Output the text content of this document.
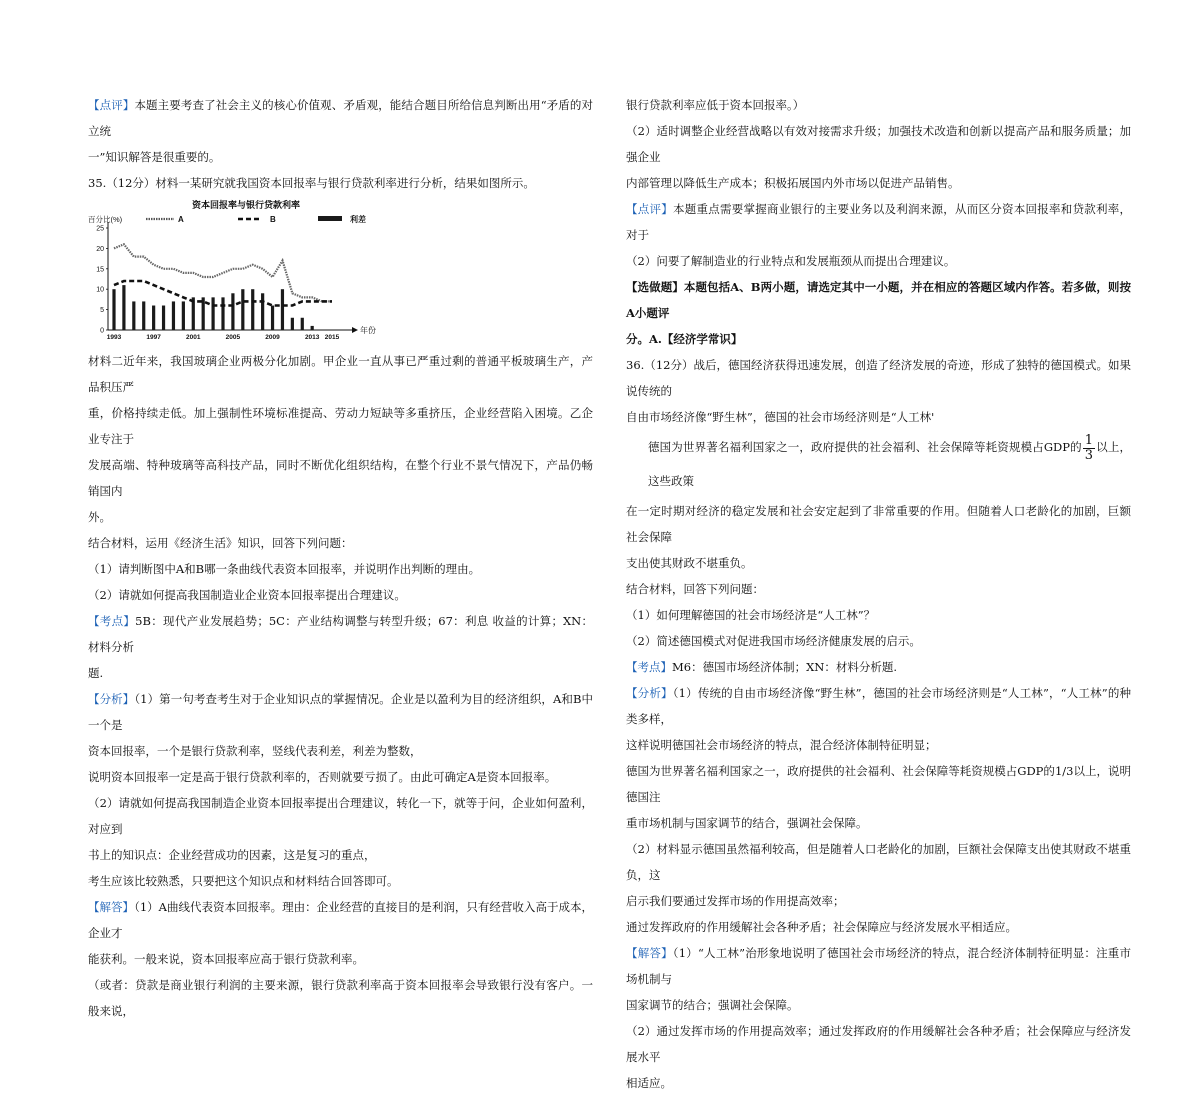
【点评】本题主要考查了社会主义的核心价值观、矛盾观，能结合题目所给信息判断出用“矛盾的对立统

一”知识解答是很重要的。

35.（12分）材料一某研究就我国资本回报率与银行贷款利率进行分析，结果如图所示。

资本回报率与银行贷款利率
百分比(%)
年份
0
5
10
15
20
25
1993	1997	2001	2005	2009	2013 2015
A	B	利差

材料二近年来，我国玻璃企业两极分化加剧。甲企业一直从事已严重过剩的普通平板玻璃生产，产品积压严

重，价格持续走低。加上强制性环境标准提高、劳动力短缺等多重挤压，企业经营陷入困境。乙企业专注于

发展高端、特种玻璃等高科技产品，同时不断优化组织结构，在整个行业不景气情况下，产品仍畅销国内

外。

结合材料，运用《经济生活》知识，回答下列问题：

（1）请判断图中A和B哪一条曲线代表资本回报率，并说明作出判断的理由。

（2）请就如何提高我国制造业企业资本回报率提出合理建议。

【考点】5B：现代产业发展趋势；5C：产业结构调整与转型升级；67：利息 收益的计算；XN：材料分析

题.

【分析】（1）第一句考查考生对于企业知识点的掌握情况。企业是以盈利为目的经济组织，A和B中一个是

资本回报率，一个是银行贷款利率，竖线代表利差，利差为整数，

说明资本回报率一定是高于银行贷款利率的，否则就要亏损了。由此可确定A是资本回报率。

（2）请就如何提高我国制造企业资本回报率提出合理建议，转化一下，就等于问，企业如何盈利，对应到

书上的知识点：企业经营成功的因素，这是复习的重点，

考生应该比较熟悉，只要把这个知识点和材料结合回答即可。

【解答】（1）A曲线代表资本回报率。理由：企业经营的直接目的是利润，只有经营收入高于成本，企业才

能获利。一般来说，资本回报率应高于银行贷款利率。

（或者：贷款是商业银行利润的主要来源，银行贷款利率高于资本回报率会导致银行没有客户。一般来说，

银行贷款利率应低于资本回报率。）

（2）适时调整企业经营战略以有效对接需求升级；加强技术改造和创新以提高产品和服务质量；加强企业

内部管理以降低生产成本；积极拓展国内外市场以促进产品销售。

【点评】本题重点需要掌握商业银行的主要业务以及利润来源，从而区分资本回报率和贷款利率，对于

（2）问要了解制造业的行业特点和发展瓶颈从而提出合理建议。

【选做题】本题包括A、B两小题，请选定其中一小题，并在相应的答题区域内作答。若多做，则按A小题评

分。A.【经济学常识】

36.（12分）战后，德国经济获得迅速发展，创造了经济发展的奇迹，形成了独特的德国模式。如果 说传统的

自由市场经济像“野生林”，德国的社会市场经济则是“人工林'

德国为世界著名福利国家之一，政府提供的社会福利、社会保障等耗资规模占GDP的 $\frac{1}{3}$ 以上，这些政策

在一定时期对经济的稳定发展和社会安定起到了非常重要的作用。但随着人口老龄化的加剧，巨额社会保障

支出使其财政不堪重负。

结合材料，回答下列问题：

（1）如何理解德国的社会市场经济是“人工林”？

（2）简述德国模式对促进我国市场经济健康发展的启示。

【考点】M6：德国市场经济体制；XN：材料分析题.

【分析】（1）传统的自由市场经济像“野生林”，德国的社会市场经济则是“人工林”，“人工林”的种类多样，

这样说明德国社会市场经济的特点，混合经济体制特征明显；

德国为世界著名福利国家之一，政府提供的社会福利、社会保障等耗资规模占GDP的1/3以上，说明德国注

重市场机制与国家调节的结合，强调社会保障。

（2）材料显示德国虽然福利较高，但是随着人口老龄化的加剧，巨额社会保障支出使其财政不堪重负，这

启示我们要通过发挥市场的作用提高效率；

通过发挥政府的作用缓解社会各种矛盾；社会保障应与经济发展水平相适应。

【解答】（1）“人工林”治形象地说明了德国社会市场经济的特点，混合经济体制特征明显：注重市场机制与

国家调节的结合；强调社会保障。

（2）通过发挥市场的作用提高效率；通过发挥政府的作用缓解社会各种矛盾；社会保障应与经济发展水平

相适应。
